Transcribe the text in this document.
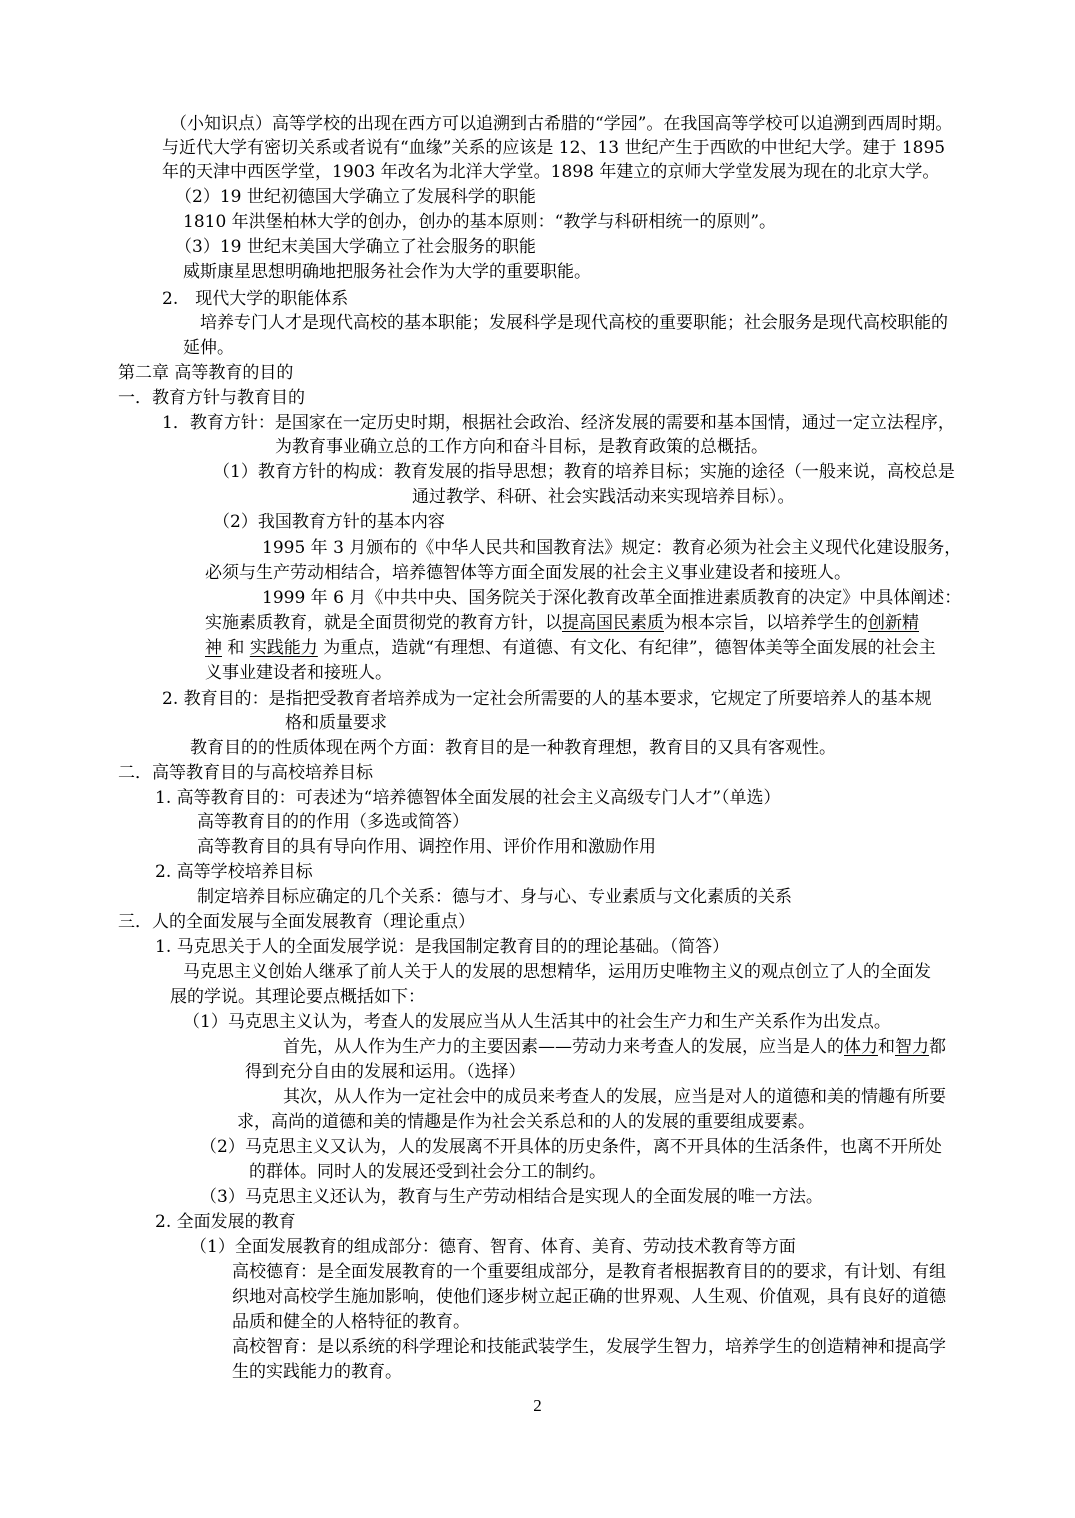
（小知识点）高等学校的出现在西方可以追溯到古希腊的“学园”。在我国高等学校可以追溯到西周时期。
与近代大学有密切关系或者说有“血缘”关系的应该是 12、13 世纪产生于西欧的中世纪大学。建于 1895
年的天津中西医学堂，1903 年改名为北洋大学堂。1898 年建立的京师大学堂发展为现在的北京大学。
（2）19 世纪初德国大学确立了发展科学的职能
1810 年洪堡柏林大学的创办，创办的基本原则：“教学与科研相统一的原则”。
（3）19 世纪末美国大学确立了社会服务的职能
威斯康星思想明确地把服务社会作为大学的重要职能。
2.　现代大学的职能体系
培养专门人才是现代高校的基本职能；发展科学是现代高校的重要职能；社会服务是现代高校职能的
延伸。
第二章 高等教育的目的
一．教育方针与教育目的
1．教育方针：是国家在一定历史时期，根据社会政治、经济发展的需要和基本国情，通过一定立法程序，
为教育事业确立总的工作方向和奋斗目标，是教育政策的总概括。
（1）教育方针的构成：教育发展的指导思想；教育的培养目标；实施的途径（一般来说，高校总是
通过教学、科研、社会实践活动来实现培养目标）。
（2）我国教育方针的基本内容
1995 年 3 月颁布的《中华人民共和国教育法》规定：教育必须为社会主义现代化建设服务，
必须与生产劳动相结合，培养德智体等方面全面发展的社会主义事业建设者和接班人。
1999 年 6 月《中共中央、国务院关于深化教育改革全面推进素质教育的决定》中具体阐述：
实施素质教育，就是全面贯彻党的教育方针，以提高国民素质为根本宗旨，以培养学生的创新精
神 和 实践能力 为重点，造就“有理想、有道德、有文化、有纪律”，德智体美等全面发展的社会主
义事业建设者和接班人。
2. 教育目的：是指把受教育者培养成为一定社会所需要的人的基本要求，它规定了所要培养人的基本规
格和质量要求
教育目的的性质体现在两个方面：教育目的是一种教育理想，教育目的又具有客观性。
二．高等教育目的与高校培养目标
1. 高等教育目的：可表述为“培养德智体全面发展的社会主义高级专门人才”（单选）
高等教育目的的作用（多选或简答）
高等教育目的具有导向作用、调控作用、评价作用和激励作用
2. 高等学校培养目标
制定培养目标应确定的几个关系：德与才、身与心、专业素质与文化素质的关系
三．人的全面发展与全面发展教育（理论重点）
1. 马克思关于人的全面发展学说：是我国制定教育目的的理论基础。（简答）
马克思主义创始人继承了前人关于人的发展的思想精华，运用历史唯物主义的观点创立了人的全面发
展的学说。其理论要点概括如下：
（1）马克思主义认为，考查人的发展应当从人生活其中的社会生产力和生产关系作为出发点。
首先，从人作为生产力的主要因素——劳动力来考查人的发展，应当是人的体力和智力都
得到充分自由的发展和运用。（选择）
其次，从人作为一定社会中的成员来考查人的发展，应当是对人的道德和美的情趣有所要
求，高尚的道德和美的情趣是作为社会关系总和的人的发展的重要组成要素。
（2）马克思主义又认为，人的发展离不开具体的历史条件，离不开具体的生活条件，也离不开所处
的群体。同时人的发展还受到社会分工的制约。
（3）马克思主义还认为，教育与生产劳动相结合是实现人的全面发展的唯一方法。
2. 全面发展的教育
（1）全面发展教育的组成部分：德育、智育、体育、美育、劳动技术教育等方面
高校德育：是全面发展教育的一个重要组成部分，是教育者根据教育目的的要求，有计划、有组
织地对高校学生施加影响，使他们逐步树立起正确的世界观、人生观、价值观，具有良好的道德
品质和健全的人格特征的教育。
高校智育：是以系统的科学理论和技能武装学生，发展学生智力，培养学生的创造精神和提高学
生的实践能力的教育。
2
